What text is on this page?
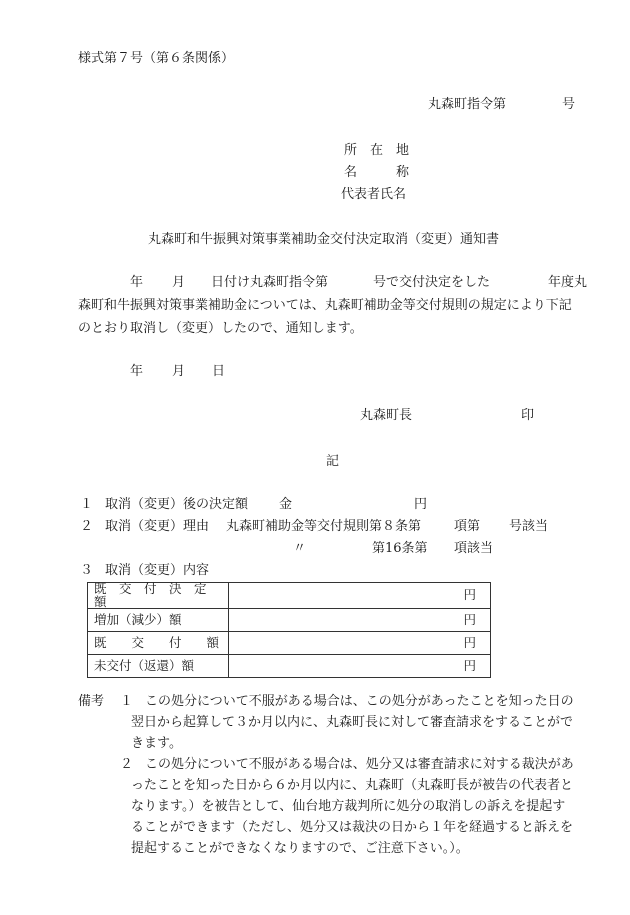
様式第７号（第６条関係）
丸森町指令第	号
所　在　地
名　　　称
代表者氏名
丸森町和牛振興対策事業補助金交付決定取消（変更）通知書
年 月 日付け丸森町指令第	号で交付決定をした	年度丸
森町和牛振興対策事業補助金については、丸森町補助金等交付規則の規定により下記
のとおり取消し（変更）したので、通知します。
年 月 日
丸森町長	印
記
１ 取消（変更）後の決定額 金	円
２ 取消（変更）理由 丸森町補助金等交付規則第８条第	項第 号該当
〃	第16条第 項該当
３ 取消（変更）内容
既　交　付　決　定　額	円
増加（減少）額	円
既　　交　　付　　額	円
未交付（返還）額	円
備考 １ この処分について不服がある場合は、この処分があったことを知った日の
翌日から起算して３か月以内に、丸森町長に対して審査請求をすることがで
きます。
２ この処分について不服がある場合は、処分又は審査請求に対する裁決があ
ったことを知った日から６か月以内に、丸森町（丸森町長が被告の代表者と
なります。）を被告として、仙台地方裁判所に処分の取消しの訴えを提起す
ることができます（ただし、処分又は裁決の日から１年を経過すると訴えを
提起することができなくなりますので、ご注意下さい。）。
